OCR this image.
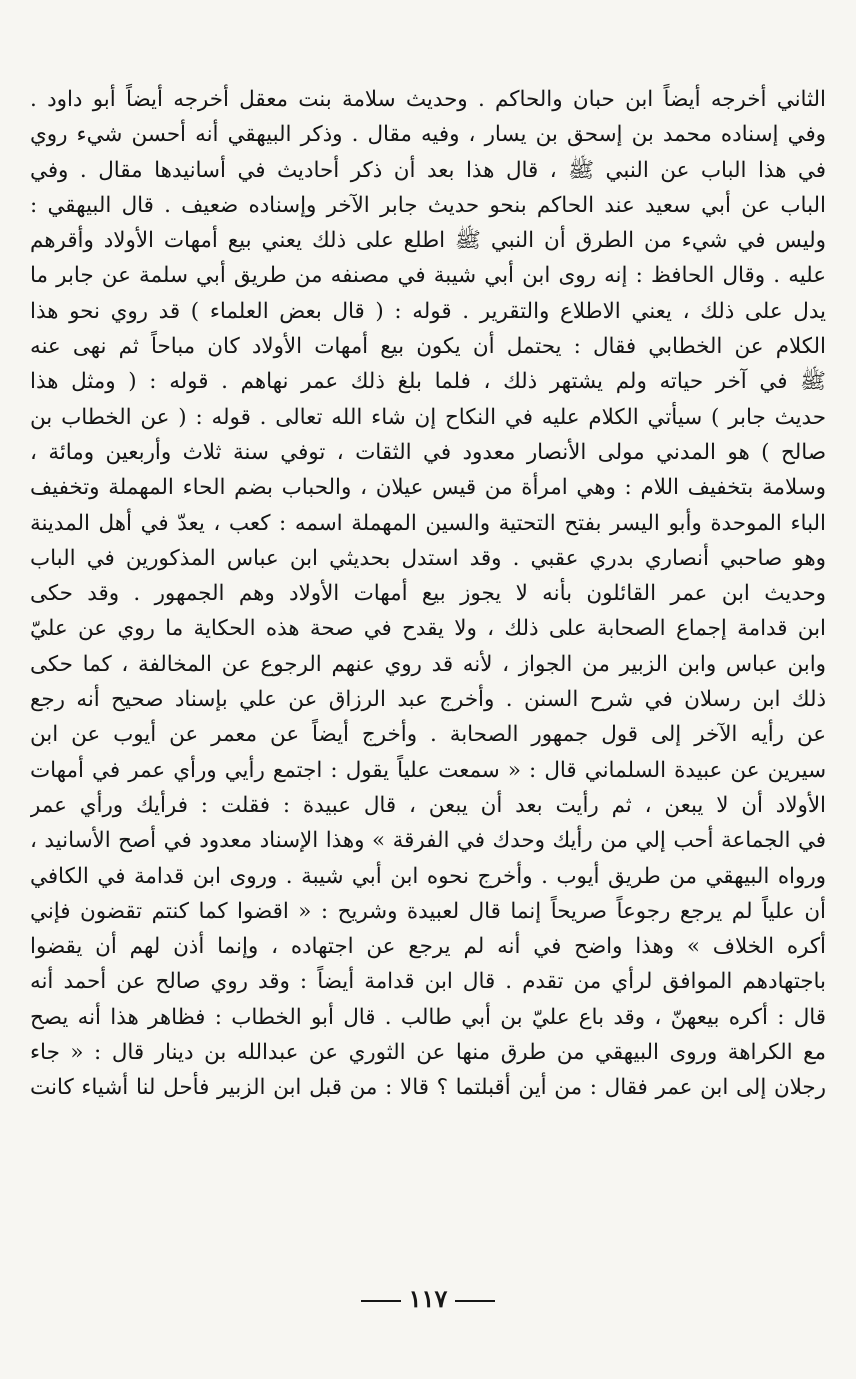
الثاني أخرجه أيضاً ابن حبان والحاكم . وحديث سلامة بنت معقل أخرجه أيضاً أبو داود .
وفي إسناده محمد بن إسحق بن يسار ، وفيه مقال . وذكر البيهقي أنه أحسن شيء روي
في هذا الباب عن النبي ﷺ ، قال هذا بعد أن ذكر أحاديث في أسانيدها مقال . وفي
الباب عن أبي سعيد عند الحاكم بنحو حديث جابر الآخر وإسناده ضعيف . قال البيهقي :
وليس في شيء من الطرق أن النبي ﷺ اطلع على ذلك يعني بيع أمهات الأولاد وأقرهم
عليه . وقال الحافظ : إنه روى ابن أبي شيبة في مصنفه من طريق أبي سلمة عن جابر ما
يدل على ذلك ، يعني الاطلاع والتقرير . قوله : ( قال بعض العلماء ) قد روي نحو هذا
الكلام عن الخطابي فقال : يحتمل أن يكون بيع أمهات الأولاد كان مباحاً ثم نهى عنه
ﷺ في آخر حياته ولم يشتهر ذلك ، فلما بلغ ذلك عمر نهاهم . قوله : ( ومثل هذا
حديث جابر ) سيأتي الكلام عليه في النكاح إن شاء الله تعالى . قوله : ( عن الخطاب بن
صالح ) هو المدني مولى الأنصار معدود في الثقات ، توفي سنة ثلاث وأربعين ومائة ،
وسلامة بتخفيف اللام : وهي امرأة من قيس عيلان ، والحباب بضم الحاء المهملة وتخفيف
الباء الموحدة وأبو اليسر بفتح التحتية والسين المهملة اسمه : كعب ، يعدّ في أهل المدينة
وهو صاحبي أنصاري بدري عقبي . وقد استدل بحديثي ابن عباس المذكورين في الباب
وحديث ابن عمر القائلون بأنه لا يجوز بيع أمهات الأولاد وهم الجمهور . وقد حكى
ابن قدامة إجماع الصحابة على ذلك ، ولا يقدح في صحة هذه الحكاية ما روي عن عليّ
وابن عباس وابن الزبير من الجواز ، لأنه قد روي عنهم الرجوع عن المخالفة ، كما حكى
ذلك ابن رسلان في شرح السنن . وأخرج عبد الرزاق عن علي بإسناد صحيح أنه رجع
عن رأيه الآخر إلى قول جمهور الصحابة . وأخرج أيضاً عن معمر عن أيوب عن ابن
سيرين عن عبيدة السلماني قال : « سمعت علياً يقول : اجتمع رأيي ورأي عمر في أمهات
الأولاد أن لا يبعن ، ثم رأيت بعد أن يبعن ، قال عبيدة : فقلت : فرأيك ورأي عمر
في الجماعة أحب إلي من رأيك وحدك في الفرقة » وهذا الإسناد معدود في أصح الأسانيد ،
ورواه البيهقي من طريق أيوب . وأخرج نحوه ابن أبي شيبة . وروى ابن قدامة في الكافي
أن علياً لم يرجع رجوعاً صريحاً إنما قال لعبيدة وشريح : « اقضوا كما كنتم تقضون فإني
أكره الخلاف » وهذا واضح في أنه لم يرجع عن اجتهاده ، وإنما أذن لهم أن يقضوا
باجتهادهم الموافق لرأي من تقدم . قال ابن قدامة أيضاً : وقد روي صالح عن أحمد أنه
قال : أكره بيعهنّ ، وقد باع عليّ بن أبي طالب . قال أبو الخطاب : فظاهر هذا أنه يصح
مع الكراهة وروى البيهقي من طرق منها عن الثوري عن عبدالله بن دينار قال : « جاء
رجلان إلى ابن عمر فقال : من أين أقبلتما ؟ قالا : من قبل ابن الزبير فأحل لنا أشياء كانت
١١٧
